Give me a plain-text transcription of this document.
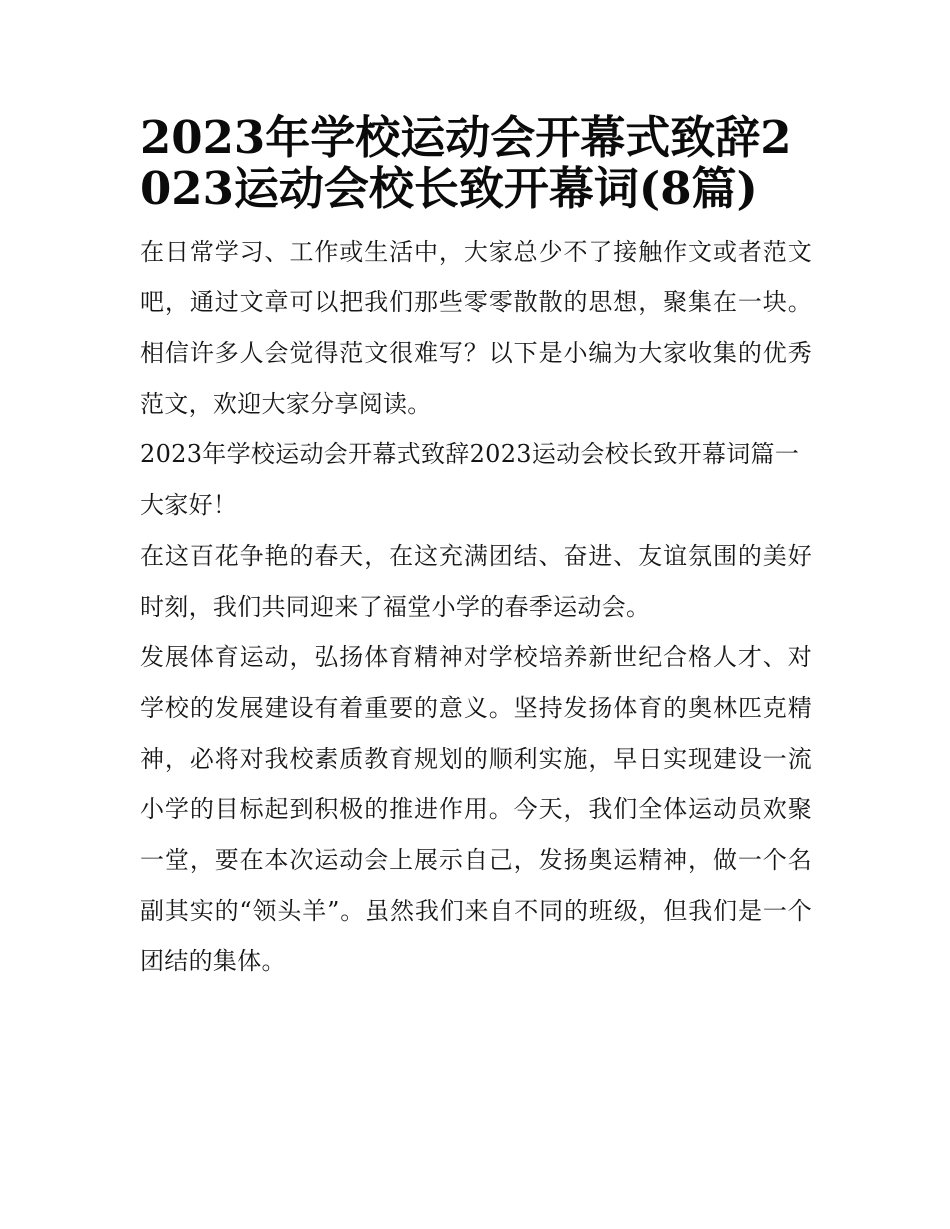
2023年学校运动会开幕式致辞2023运动会校长致开幕词(8篇)

在日常学习、工作或生活中，大家总少不了接触作文或者范文吧，通过文章可以把我们那些零零散散的思想，聚集在一块。相信许多人会觉得范文很难写？以下是小编为大家收集的优秀范文，欢迎大家分享阅读。

2023年学校运动会开幕式致辞2023运动会校长致开幕词篇一

大家好！

在这百花争艳的春天，在这充满团结、奋进、友谊氛围的美好时刻，我们共同迎来了福堂小学的春季运动会。

发展体育运动，弘扬体育精神对学校培养新世纪合格人才、对学校的发展建设有着重要的意义。坚持发扬体育的奥林匹克精神，必将对我校素质教育规划的顺利实施，早日实现建设一流小学的目标起到积极的推进作用。今天，我们全体运动员欢聚一堂，要在本次运动会上展示自己，发扬奥运精神，做一个名副其实的“领头羊”。虽然我们来自不同的班级，但我们是一个团结的集体。
